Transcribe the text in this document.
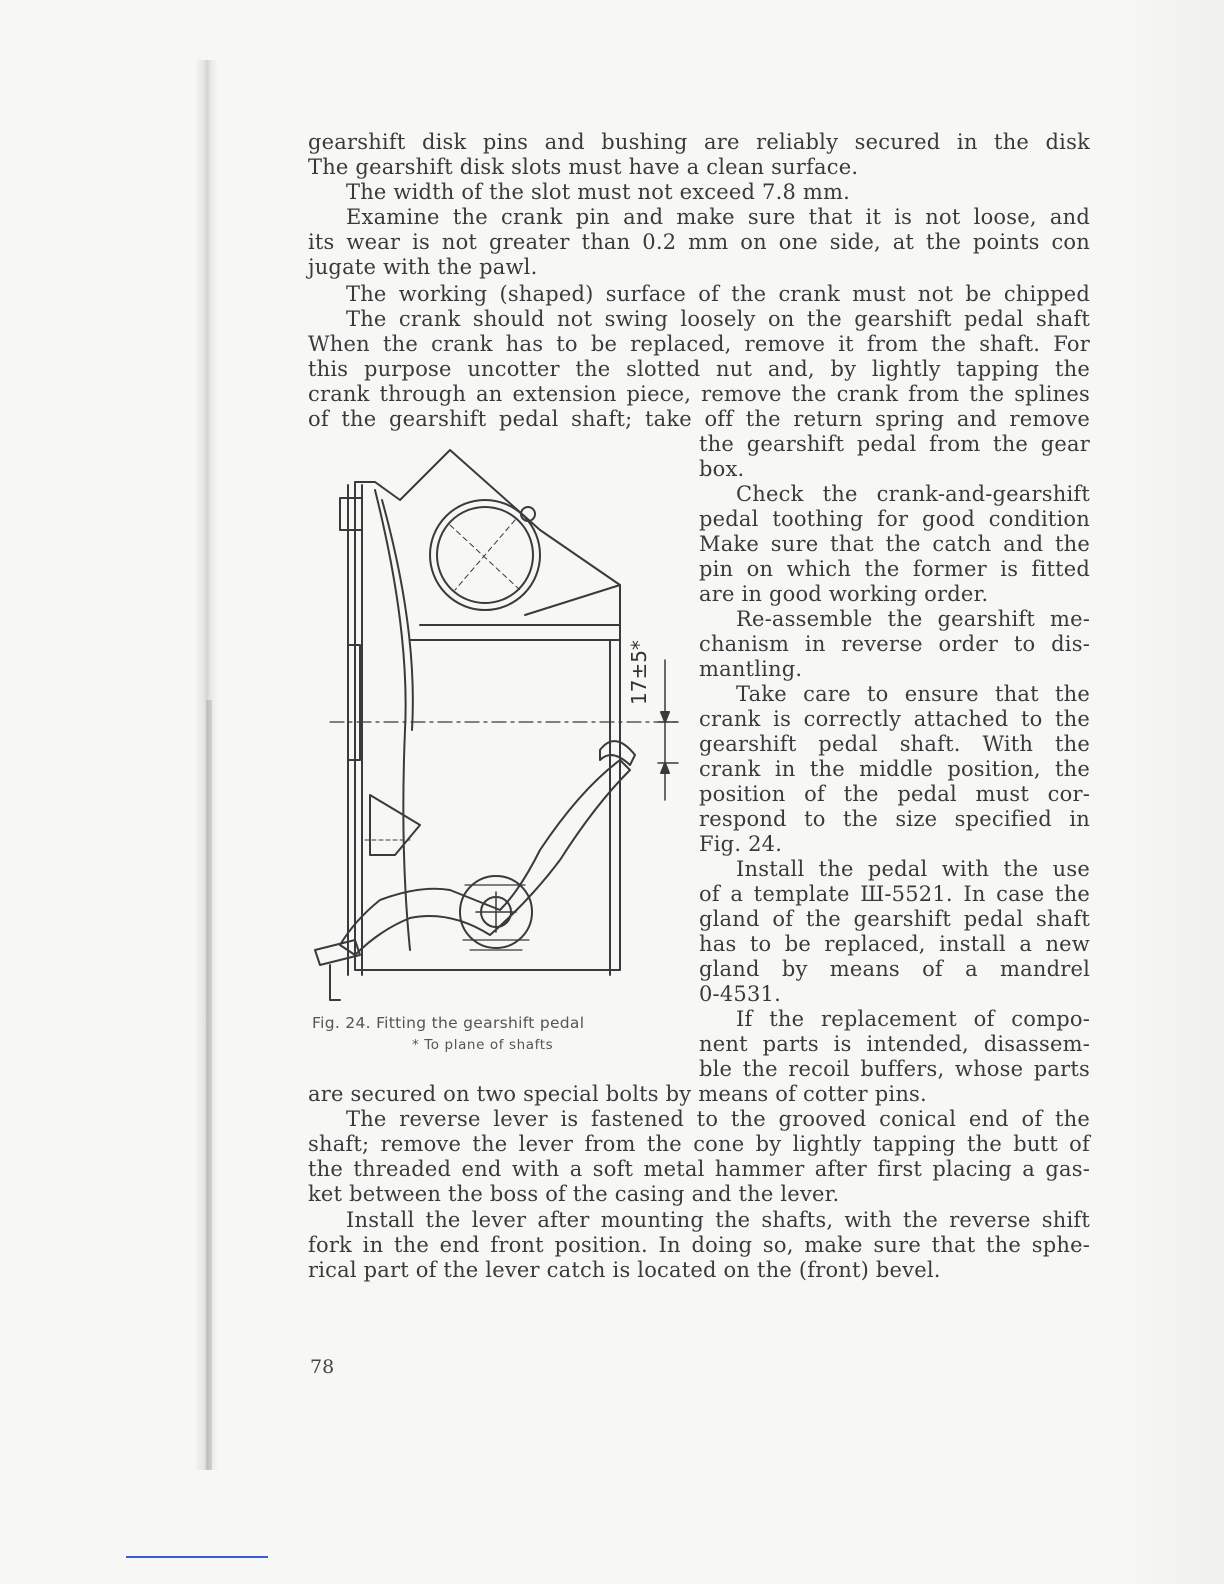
gearshift disk pins and bushing are reliably secured in the disk
The gearshift disk slots must have a clean surface.
The width of the slot must not exceed 7.8 mm.
Examine the crank pin and make sure that it is not loose, and
its wear is not greater than 0.2 mm on one side, at the points con
jugate with the pawl.
The working (shaped) surface of the crank must not be chipped
The crank should not swing loosely on the gearshift pedal shaft
When the crank has to be replaced, remove it from the shaft. For
this purpose uncotter the slotted nut and, by lightly tapping the
crank through an extension piece, remove the crank from the splines
of the gearshift pedal shaft; take off the return spring and remove
the gearshift pedal from the gear
box.
Check the crank-and-gearshift
pedal toothing for good condition
Make sure that the catch and the
pin on which the former is fitted
are in good working order.
Re-assemble the gearshift me-
chanism in reverse order to dis-
mantling.
Take care to ensure that the
crank is correctly attached to the
gearshift pedal shaft. With the
crank in the middle position, the
position of the pedal must cor-
respond to the size specified in
Fig. 24.
Install the pedal with the use
of a template Ш-5521. In case the
gland of the gearshift pedal shaft
has to be replaced, install a new
gland by means of a mandrel
0-4531.
If the replacement of compo-
nent parts is intended, disassem-
ble the recoil buffers, whose parts
are secured on two special bolts by means of cotter pins.
The reverse lever is fastened to the grooved conical end of the
shaft; remove the lever from the cone by lightly tapping the butt of
the threaded end with a soft metal hammer after first placing a gas-
ket between the boss of the casing and the lever.
Install the lever after mounting the shafts, with the reverse shift
fork in the end front position. In doing so, make sure that the sphe-
rical part of the lever catch is located on the (front) bevel.
17±5*
Fig. 24. Fitting the gearshift pedal
* To plane of shafts
78
